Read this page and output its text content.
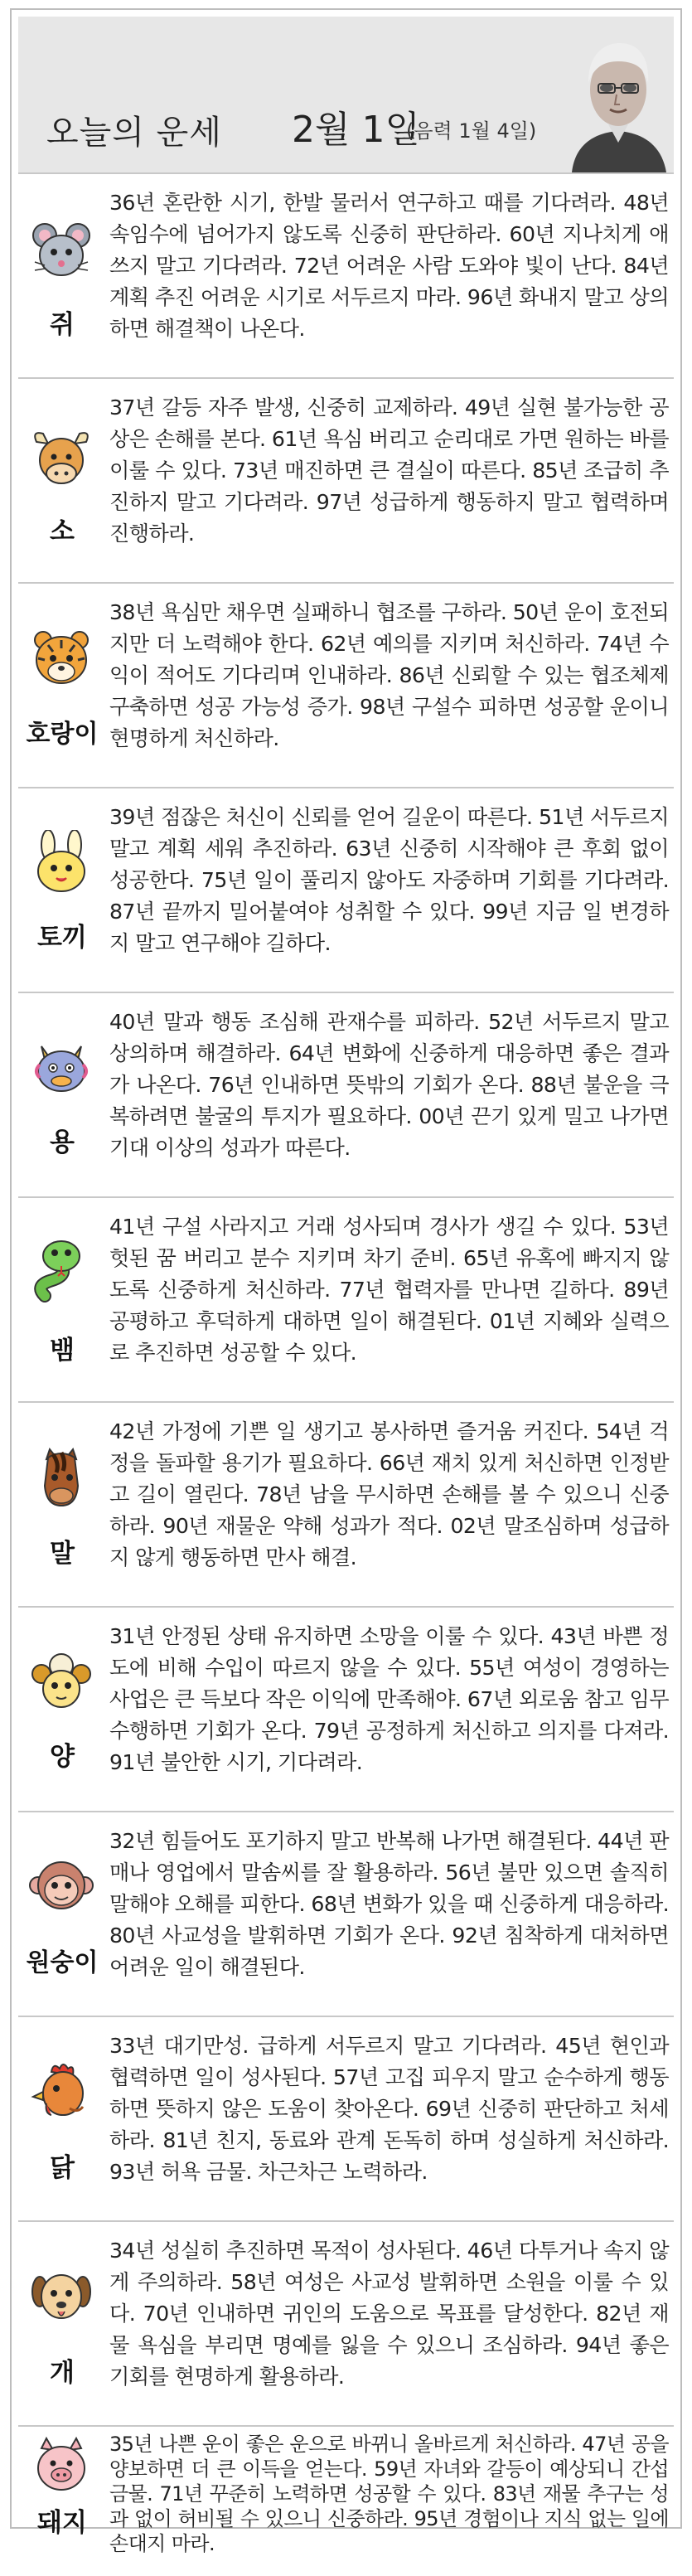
오늘의 운세 2월 1일
(음력 1월 4일)
쥐
36년 혼란한 시기, 한발 물러서 연구하고 때를 기다려라. 48년 속임수에 넘어가지 않도록 신중히 판단하라. 60년 지나치게 애쓰지 말고 기다려라. 72년 어려운 사람 도와야 빛이 난다. 84년 계획 추진 어려운 시기로 서두르지 마라. 96년 화내지 말고 상의하면 해결책이 나온다.
소
37년 갈등 자주 발생, 신중히 교제하라. 49년 실현 불가능한 공상은 손해를 본다. 61년 욕심 버리고 순리대로 가면 원하는 바를 이룰 수 있다. 73년 매진하면 큰 결실이 따른다. 85년 조급히 추진하지 말고 기다려라. 97년 성급하게 행동하지 말고 협력하며 진행하라.
호랑이
38년 욕심만 채우면 실패하니 협조를 구하라. 50년 운이 호전되지만 더 노력해야 한다. 62년 예의를 지키며 처신하라. 74년 수익이 적어도 기다리며 인내하라. 86년 신뢰할 수 있는 협조체제 구축하면 성공 가능성 증가. 98년 구설수 피하면 성공할 운이니 현명하게 처신하라.
토끼
39년 점잖은 처신이 신뢰를 얻어 길운이 따른다. 51년 서두르지 말고 계획 세워 추진하라. 63년 신중히 시작해야 큰 후회 없이 성공한다. 75년 일이 풀리지 않아도 자중하며 기회를 기다려라. 87년 끝까지 밀어붙여야 성취할 수 있다. 99년 지금 일 변경하지 말고 연구해야 길하다.
용
40년 말과 행동 조심해 관재수를 피하라. 52년 서두르지 말고 상의하며 해결하라. 64년 변화에 신중하게 대응하면 좋은 결과가 나온다. 76년 인내하면 뜻밖의 기회가 온다. 88년 불운을 극복하려면 불굴의 투지가 필요하다. 00년 끈기 있게 밀고 나가면 기대 이상의 성과가 따른다.
뱀
41년 구설 사라지고 거래 성사되며 경사가 생길 수 있다. 53년 헛된 꿈 버리고 분수 지키며 차기 준비. 65년 유혹에 빠지지 않도록 신중하게 처신하라. 77년 협력자를 만나면 길하다. 89년 공평하고 후덕하게 대하면 일이 해결된다. 01년 지혜와 실력으로 추진하면 성공할 수 있다.
말
42년 가정에 기쁜 일 생기고 봉사하면 즐거움 커진다. 54년 걱정을 돌파할 용기가 필요하다. 66년 재치 있게 처신하면 인정받고 길이 열린다. 78년 남을 무시하면 손해를 볼 수 있으니 신중하라. 90년 재물운 약해 성과가 적다. 02년 말조심하며 성급하지 않게 행동하면 만사 해결.
양
31년 안정된 상태 유지하면 소망을 이룰 수 있다. 43년 바쁜 정도에 비해 수입이 따르지 않을 수 있다. 55년 여성이 경영하는 사업은 큰 득보다 작은 이익에 만족해야. 67년 외로움 참고 임무 수행하면 기회가 온다. 79년 공정하게 처신하고 의지를 다져라. 91년 불안한 시기, 기다려라.
원숭이
32년 힘들어도 포기하지 말고 반복해 나가면 해결된다. 44년 판매나 영업에서 말솜씨를 잘 활용하라. 56년 불만 있으면 솔직히 말해야 오해를 피한다. 68년 변화가 있을 때 신중하게 대응하라. 80년 사교성을 발휘하면 기회가 온다. 92년 침착하게 대처하면 어려운 일이 해결된다.
닭
33년 대기만성. 급하게 서두르지 말고 기다려라. 45년 현인과 협력하면 일이 성사된다. 57년 고집 피우지 말고 순수하게 행동하면 뜻하지 않은 도움이 찾아온다. 69년 신중히 판단하고 처세하라. 81년 친지, 동료와 관계 돈독히 하며 성실하게 처신하라. 93년 허욕 금물. 차근차근 노력하라.
개
34년 성실히 추진하면 목적이 성사된다. 46년 다투거나 속지 않게 주의하라. 58년 여성은 사교성 발휘하면 소원을 이룰 수 있다. 70년 인내하면 귀인의 도움으로 목표를 달성한다. 82년 재물 욕심을 부리면 명예를 잃을 수 있으니 조심하라. 94년 좋은 기회를 현명하게 활용하라.
돼지
35년 나쁜 운이 좋은 운으로 바뀌니 올바르게 처신하라. 47년 공을 양보하면 더 큰 이득을 얻는다. 59년 자녀와 갈등이 예상되니 간섭 금물. 71년 꾸준히 노력하면 성공할 수 있다. 83년 재물 추구는 성과 없이 허비될 수 있으니 신중하라. 95년 경험이나 지식 없는 일에 손대지 마라.
